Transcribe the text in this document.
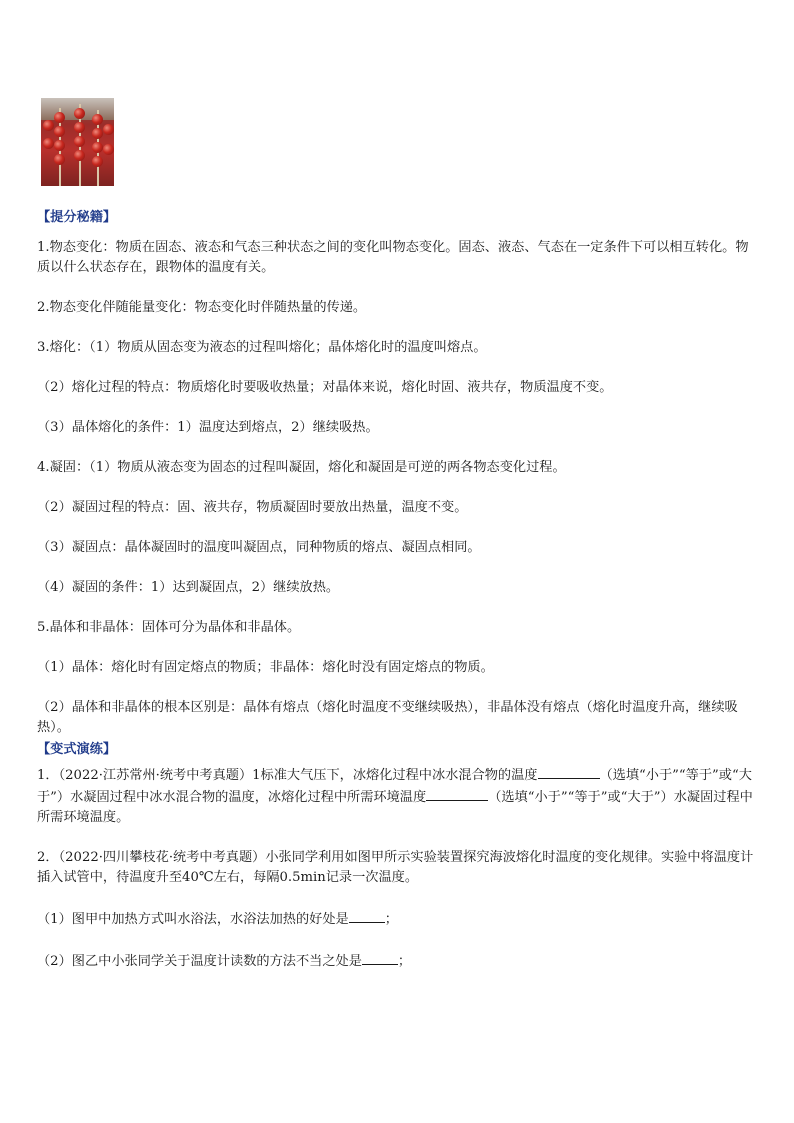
【提分秘籍】
1.物态变化：物质在固态、液态和气态三种状态之间的变化叫物态变化。固态、液态、气态在一定条件下可以相互转化。物质以什么状态存在，跟物体的温度有关。
2.物态变化伴随能量变化：物态变化时伴随热量的传递。
3.熔化：（1）物质从固态变为液态的过程叫熔化；晶体熔化时的温度叫熔点。
（2）熔化过程的特点：物质熔化时要吸收热量；对晶体来说，熔化时固、液共存，物质温度不变。
（3）晶体熔化的条件：1）温度达到熔点，2）继续吸热。
4.凝固：（1）物质从液态变为固态的过程叫凝固，熔化和凝固是可逆的两各物态变化过程。
（2）凝固过程的特点：固、液共存，物质凝固时要放出热量，温度不变。
（3）凝固点：晶体凝固时的温度叫凝固点，同种物质的熔点、凝固点相同。
（4）凝固的条件：1）达到凝固点，2）继续放热。
5.晶体和非晶体：固体可分为晶体和非晶体。
（1）晶体：熔化时有固定熔点的物质；非晶体：熔化时没有固定熔点的物质。
（2）晶体和非晶体的根本区别是：晶体有熔点（熔化时温度不变继续吸热），非晶体没有熔点（熔化时温度升高，继续吸热）。
【变式演练】
1．（2022·江苏常州·统考中考真题）1标准大气压下，冰熔化过程中冰水混合物的温度	（选填“小于”“等于”或“大于”）水凝固过程中冰水混合物的温度，冰熔化过程中所需环境温度	（选填“小于”“等于”或“大于”）水凝固过程中所需环境温度。
2．（2022·四川攀枝花·统考中考真题）小张同学利用如图甲所示实验装置探究海波熔化时温度的变化规律。实验中将温度计插入试管中，待温度升至40℃左右，每隔0.5min记录一次温度。
（1）图甲中加热方式叫水浴法，水浴法加热的好处是	；
（2）图乙中小张同学关于温度计读数的方法不当之处是	；
